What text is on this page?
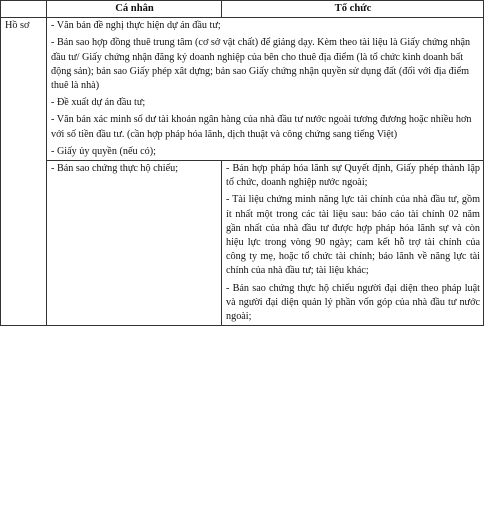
	Cá nhân	Tổ chức
Hồ sơ	- Văn bản đề nghị thực hiện dự án đầu tư;

- Bản sao hợp đồng thuê trung tâm (cơ sở vật chất) để giảng dạy. Kèm theo tài liệu là Giấy chứng nhận đầu tư/ Giấy chứng nhận đăng ký doanh nghiệp của bên cho thuê địa điểm (là tổ chức kinh doanh bất động sản); bản sao Giấy phép xât dựng; bản sao Giấy chứng nhận quyền sử dụng đất (đối với địa điểm thuê là nhà)

- Đề xuất dự án đầu tư;

- Văn bản xác minh số dư tài khoản ngân hàng của nhà đầu tư nước ngoài tương đương hoặc nhiều hơn với số tiền đầu tư. (cần hợp pháp hóa lãnh, dịch thuật và công chứng sang tiếng Việt)

- Giấy ủy quyền (nếu có);	

	- Bản sao chứng thực hộ chiếu;	- Bản hợp pháp hóa lãnh sự Quyết định, Giấy phép thành lập tổ chức, doanh nghiệp nước ngoài;

- Tài liệu chứng minh năng lực tài chính của nhà đầu tư, gồm ít nhất một trong các tài liệu sau: báo cáo tài chính 02 năm gần nhất của nhà đầu tư được hợp pháp hóa lãnh sự và còn hiệu lực trong vòng 90 ngày; cam kết hỗ trợ tài chính của công ty mẹ, hoặc tổ chức tài chính; bảo lãnh về năng lực tài chính của nhà đầu tư; tài liệu khác;

- Bản sao chứng thực hộ chiếu người đại diện theo pháp luật và người đại diện quản lý phần vốn góp của nhà đầu tư nước ngoài;
